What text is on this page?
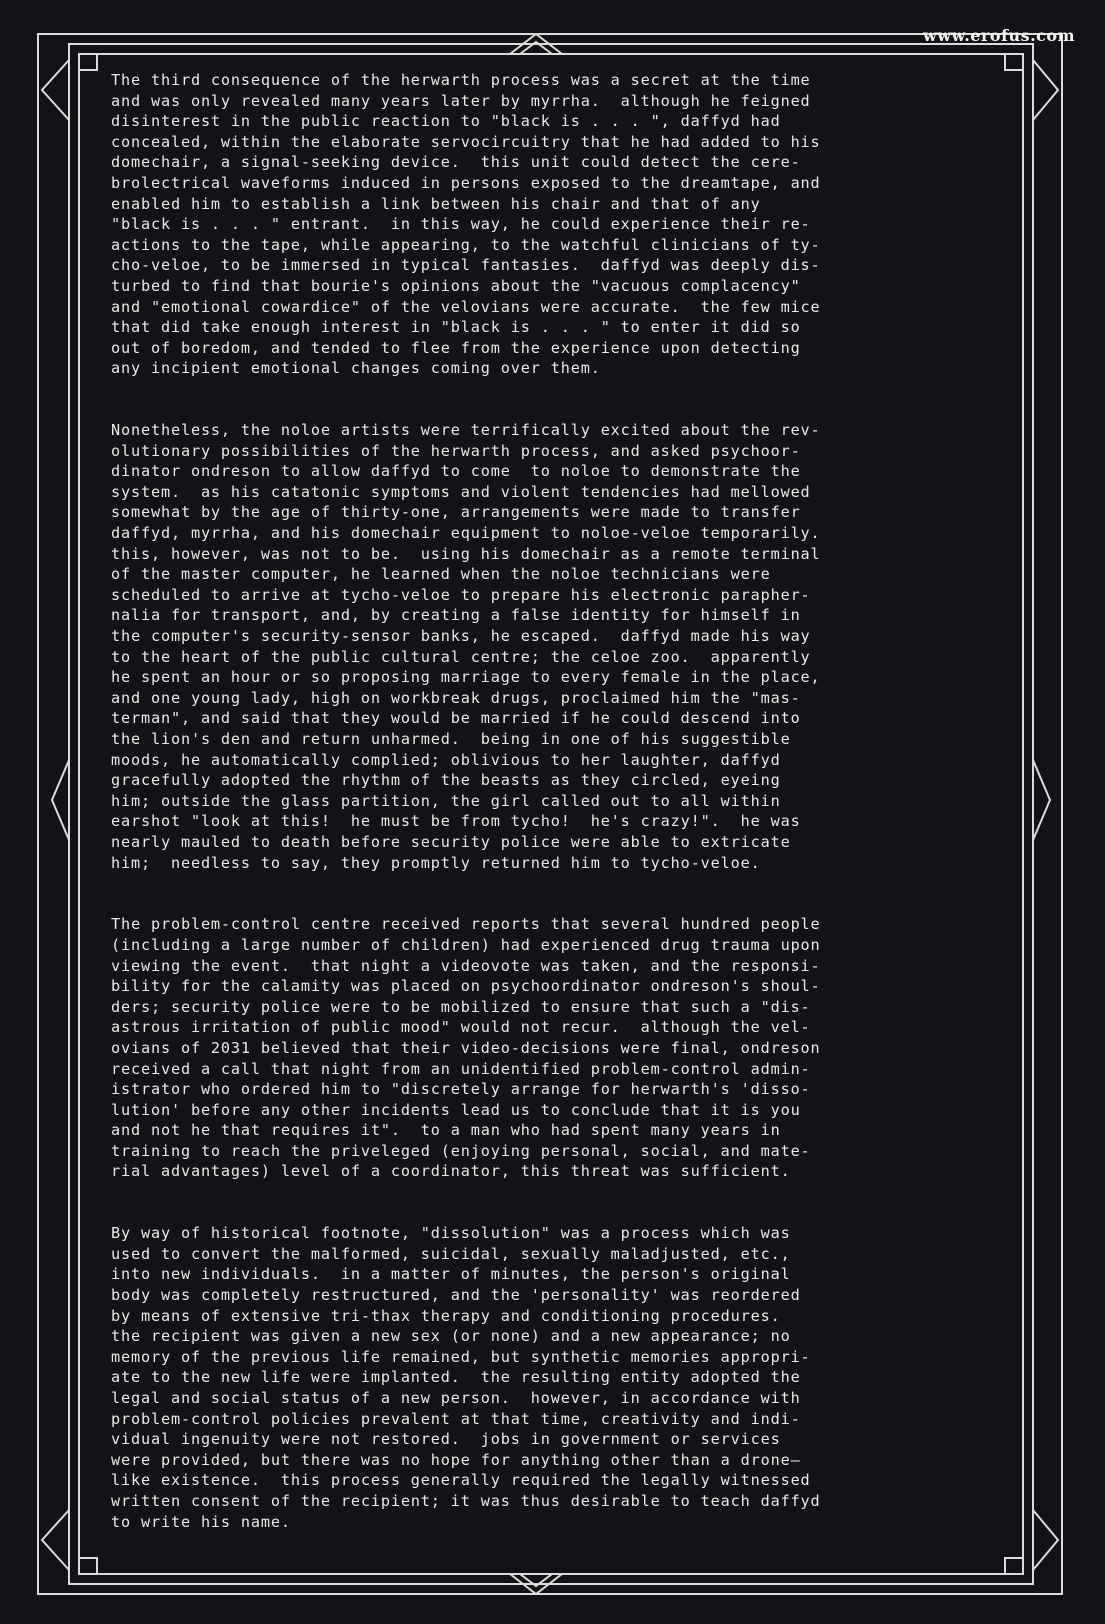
www.erofus.com

The third consequence of the herwarth process was a secret at the time
and was only revealed many years later by myrrha.  although he feigned
disinterest in the public reaction to "black is . . . ", daffyd had
concealed, within the elaborate servocircuitry that he had added to his
domechair, a signal-seeking device.  this unit could detect the cere-
brolectrical waveforms induced in persons exposed to the dreamtape, and
enabled him to establish a link between his chair and that of any
"black is . . . " entrant.  in this way, he could experience their re-
actions to the tape, while appearing, to the watchful clinicians of ty-
cho-veloe, to be immersed in typical fantasies.  daffyd was deeply dis-
turbed to find that bourie's opinions about the "vacuous complacency"
and "emotional cowardice" of the velovians were accurate.  the few mice
that did take enough interest in "black is . . . " to enter it did so
out of boredom, and tended to flee from the experience upon detecting
any incipient emotional changes coming over them.

Nonetheless, the noloe artists were terrifically excited about the rev-
olutionary possibilities of the herwarth process, and asked psychoor-
dinator ondreson to allow daffyd to come  to noloe to demonstrate the
system.  as his catatonic symptoms and violent tendencies had mellowed
somewhat by the age of thirty-one, arrangements were made to transfer
daffyd, myrrha, and his domechair equipment to noloe-veloe temporarily.
this, however, was not to be.  using his domechair as a remote terminal
of the master computer, he learned when the noloe technicians were
scheduled to arrive at tycho-veloe to prepare his electronic parapher-
nalia for transport, and, by creating a false identity for himself in
the computer's security-sensor banks, he escaped.  daffyd made his way
to the heart of the public cultural centre; the celoe zoo.  apparently
he spent an hour or so proposing marriage to every female in the place,
and one young lady, high on workbreak drugs, proclaimed him the "mas-
terman", and said that they would be married if he could descend into
the lion's den and return unharmed.  being in one of his suggestible
moods, he automatically complied; oblivious to her laughter, daffyd
gracefully adopted the rhythm of the beasts as they circled, eyeing
him; outside the glass partition, the girl called out to all within
earshot "look at this!  he must be from tycho!  he's crazy!".  he was
nearly mauled to death before security police were able to extricate
him;  needless to say, they promptly returned him to tycho-veloe.

The problem-control centre received reports that several hundred people
(including a large number of children) had experienced drug trauma upon
viewing the event.  that night a videovote was taken, and the responsi-
bility for the calamity was placed on psychoordinator ondreson's shoul-
ders; security police were to be mobilized to ensure that such a "dis-
astrous irritation of public mood" would not recur.  although the vel-
ovians of 2031 believed that their video-decisions were final, ondreson
received a call that night from an unidentified problem-control admin-
istrator who ordered him to "discretely arrange for herwarth's 'disso-
lution' before any other incidents lead us to conclude that it is you
and not he that requires it".  to a man who had spent many years in
training to reach the priveleged (enjoying personal, social, and mate-
rial advantages) level of a coordinator, this threat was sufficient.

By way of historical footnote, "dissolution" was a process which was
used to convert the malformed, suicidal, sexually maladjusted, etc.,
into new individuals.  in a matter of minutes, the person's original
body was completely restructured, and the 'personality' was reordered
by means of extensive tri-thax therapy and conditioning procedures.
the recipient was given a new sex (or none) and a new appearance; no
memory of the previous life remained, but synthetic memories appropri-
ate to the new life were implanted.  the resulting entity adopted the
legal and social status of a new person.  however, in accordance with
problem-control policies prevalent at that time, creativity and indi-
vidual ingenuity were not restored.  jobs in government or services
were provided, but there was no hope for anything other than a drone—
like existence.  this process generally required the legally witnessed
written consent of the recipient; it was thus desirable to teach daffyd
to write his name.
